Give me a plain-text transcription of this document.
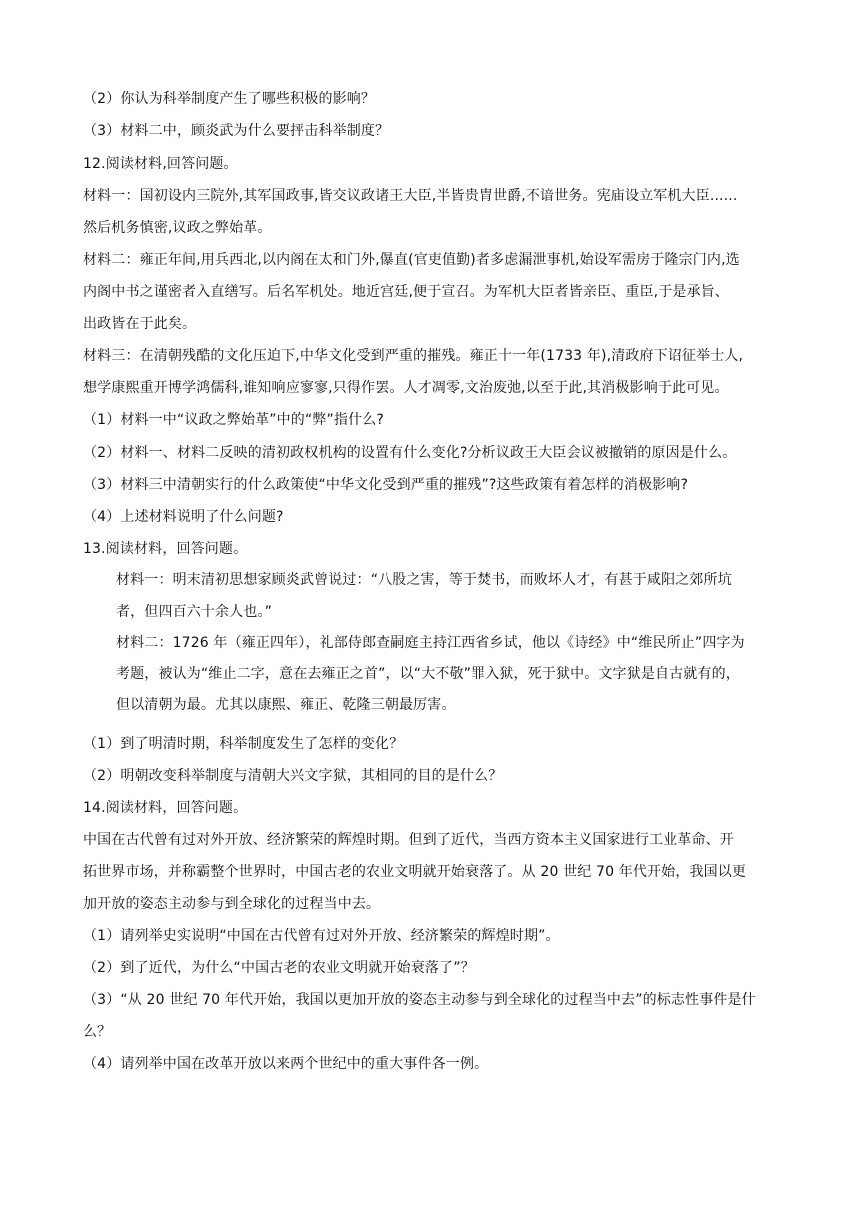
（2）你认为科举制度产生了哪些积极的影响？
（3）材料二中，顾炎武为什么要抨击科举制度？
12.阅读材料,回答问题。
材料一：国初设内三院外,其军国政事,皆交议政诸王大臣,半皆贵胄世爵,不谙世务。宪庙设立军机大臣......
然后机务慎密,议政之弊始革。
材料二：雍正年间,用兵西北,以内阁在太和门外,儤直(官吏值勤)者多虑漏泄事机,始设军需房于隆宗门内,选
内阁中书之谨密者入直缮写。后名军机处。地近宫廷,便于宣召。为军机大臣者皆亲臣、重臣,于是承旨、
出政皆在于此矣。
材料三：在清朝残酷的文化压迫下,中华文化受到严重的摧残。雍正十一年(1733 年),清政府下诏征举士人,
想学康熙重开博学鸿儒科,谁知响应寥寥,只得作罢。人才凋零,文治废弛,以至于此,其消极影响于此可见。
（1）材料一中“议政之弊始革”中的“弊”指什么?
（2）材料一、材料二反映的清初政权机构的设置有什么变化?分析议政王大臣会议被撤销的原因是什么。
（3）材料三中清朝实行的什么政策使“中华文化受到严重的摧残”?这些政策有着怎样的消极影响?
（4）上述材料说明了什么问题?
13.阅读材料，回答问题。
材料一：明末清初思想家顾炎武曾说过：“八股之害，等于焚书，而败坏人才，有甚于咸阳之郊所坑
者，但四百六十余人也。”
材料二：1726 年（雍正四年），礼部侍郎查嗣庭主持江西省乡试，他以《诗经》中“维民所止”四字为
考题，被认为“维止二字，意在去雍正之首”，以“大不敬”罪入狱，死于狱中。文字狱是自古就有的，
但以清朝为最。尤其以康熙、雍正、乾隆三朝最厉害。
（1）到了明清时期，科举制度发生了怎样的变化？
（2）明朝改变科举制度与清朝大兴文字狱，其相同的目的是什么？
14.阅读材料，回答问题。
中国在古代曾有过对外开放、经济繁荣的辉煌时期。但到了近代，当西方资本主义国家进行工业革命、开
拓世界市场，并称霸整个世界时，中国古老的农业文明就开始衰落了。从 20 世纪 70 年代开始，我国以更
加开放的姿态主动参与到全球化的过程当中去。
（1）请列举史实说明“中国在古代曾有过对外开放、经济繁荣的辉煌时期”。
（2）到了近代，为什么“中国古老的农业文明就开始衰落了”？
（3）“从 20 世纪 70 年代开始，我国以更加开放的姿态主动参与到全球化的过程当中去”的标志性事件是什
么？
（4）请列举中国在改革开放以来两个世纪中的重大事件各一例。
